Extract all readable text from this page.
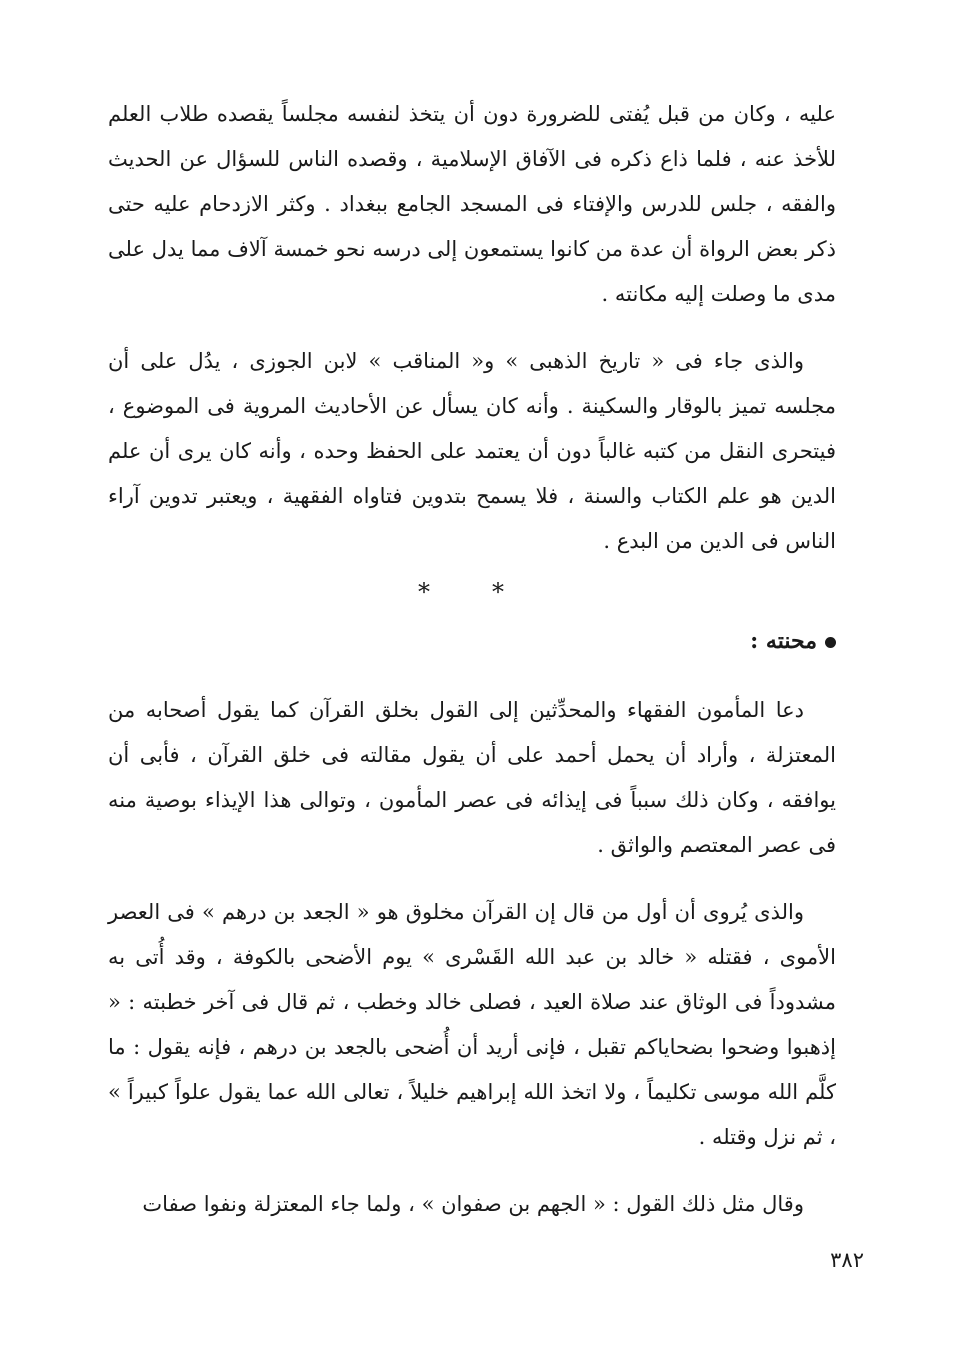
عليه ، وكان من قبل يُفتى للضرورة دون أن يتخذ لنفسه مجلساً يقصده طلاب العلم للأخذ عنه ، فلما ذاع ذكره فى الآفاق الإسلامية ، وقصده الناس للسؤال عن الحديث والفقه ، جلس للدرس والإفتاء فى المسجد الجامع ببغداد . وكثر الازدحام عليه حتى ذكر بعض الرواة أن عدة من كانوا يستمعون إلى درسه نحو خمسة آلاف مما يدل على مدى ما وصلت إليه مكانته .

والذى جاء فى « تاريخ الذهبى » و« المناقب » لابن الجوزى ، يدُل على أن مجلسه تميز بالوقار والسكينة . وأنه كان يسأل عن الأحاديث المروية فى الموضوع ، فيتحرى النقل من كتبه غالباً دون أن يعتمد على الحفظ وحده ، وأنه كان يرى أن علم الدين هو علم الكتاب والسنة ، فلا يسمح بتدوين فتاواه الفقهية ، ويعتبر تدوين آراء الناس فى الدين من البدع .

* *
محنته :

دعا المأمون الفقهاء والمحدِّثين إلى القول بخلق القرآن كما يقول أصحابه من المعتزلة ، وأراد أن يحمل أحمد على أن يقول مقالته فى خلق القرآن ، فأبى أن يوافقه ، وكان ذلك سبباً فى إيذائه فى عصر المأمون ، وتوالى هذا الإيذاء بوصية منه فى عصر المعتصم والواثق .

والذى يُروى أن أول من قال إن القرآن مخلوق هو « الجعد بن درهم » فى العصر الأموى ، فقتله « خالد بن عبد الله القَسْرى » يوم الأضحى بالكوفة ، وقد أُتى به مشدوداً فى الوثاق عند صلاة العيد ، فصلى خالد وخطب ، ثم قال فى آخر خطبته : « إذهبوا وضحوا بضحاياكم تقبل ، فإنى أريد أن أُضحى بالجعد بن درهم ، فإنه يقول : ما كلَّم الله موسى تكليماً ، ولا اتخذ الله إبراهيم خليلاً ، تعالى الله عما يقول علواً كبيراً » ، ثم نزل وقتله .

وقال مثل ذلك القول : « الجهم بن صفوان » ، ولما جاء المعتزلة ونفوا صفات

٣٨٢
